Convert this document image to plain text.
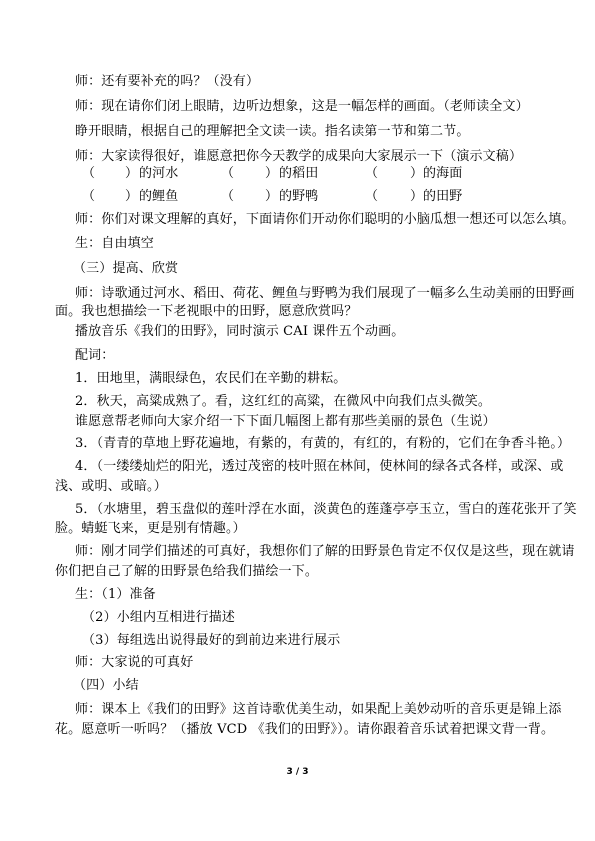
师：还有要补充的吗？（没有）
师：现在请你们闭上眼睛，边听边想象，这是一幅怎样的画面。（老师读全文）
睁开眼睛，根据自己的理解把全文读一读。指名读第一节和第二节。
师：大家读得很好，谁愿意把你今天教学的成果向大家展示一下（演示文稿）
（ ） 的河水	（ ） 的稻田	（ ） 的海面
（ ） 的鲤鱼	（ ） 的野鸭	（ ） 的田野
师：你们对课文理解的真好，下面请你们开动你们聪明的小脑瓜想一想还可以怎么填。
生：自由填空
（三）提高、欣赏
师：诗歌通过河水、稻田、荷花、鲤鱼与野鸭为我们展现了一幅多么生动美丽的田野画
面。我也想描绘一下老视眼中的田野，愿意欣赏吗？
播放音乐《我们的田野》，同时演示 CAI 课件五个动画。
配词：
1．田地里，满眼绿色，农民们在辛勤的耕耘。
2．秋天，高粱成熟了。看，这红红的高粱，在微风中向我们点头微笑。
谁愿意帮老师向大家介绍一下下面几幅图上都有那些美丽的景色（生说）
3．（青青的草地上野花遍地，有紫的，有黄的，有红的，有粉的，它们在争香斗艳。）
4．（一缕缕灿烂的阳光，透过茂密的枝叶照在林间，使林间的绿各式各样，或深、或
浅、或明、或暗。）
5．（水塘里，碧玉盘似的莲叶浮在水面，淡黄色的莲蓬亭亭玉立，雪白的莲花张开了笑
脸。蜻蜓飞来，更是别有情趣。）
师：刚才同学们描述的可真好，我想你们了解的田野景色肯定不仅仅是这些，现在就请
你们把自己了解的田野景色给我们描绘一下。
生：（1）准备
（2）小组内互相进行描述
（3）每组选出说得最好的到前边来进行展示
师：大家说的可真好
（四）小结
师：课本上《我们的田野》这首诗歌优美生动，如果配上美妙动听的音乐更是锦上添
花。愿意听一听吗？（播放 VCD 《我们的田野》）。请你跟着音乐试着把课文背一背。
3 / 3
